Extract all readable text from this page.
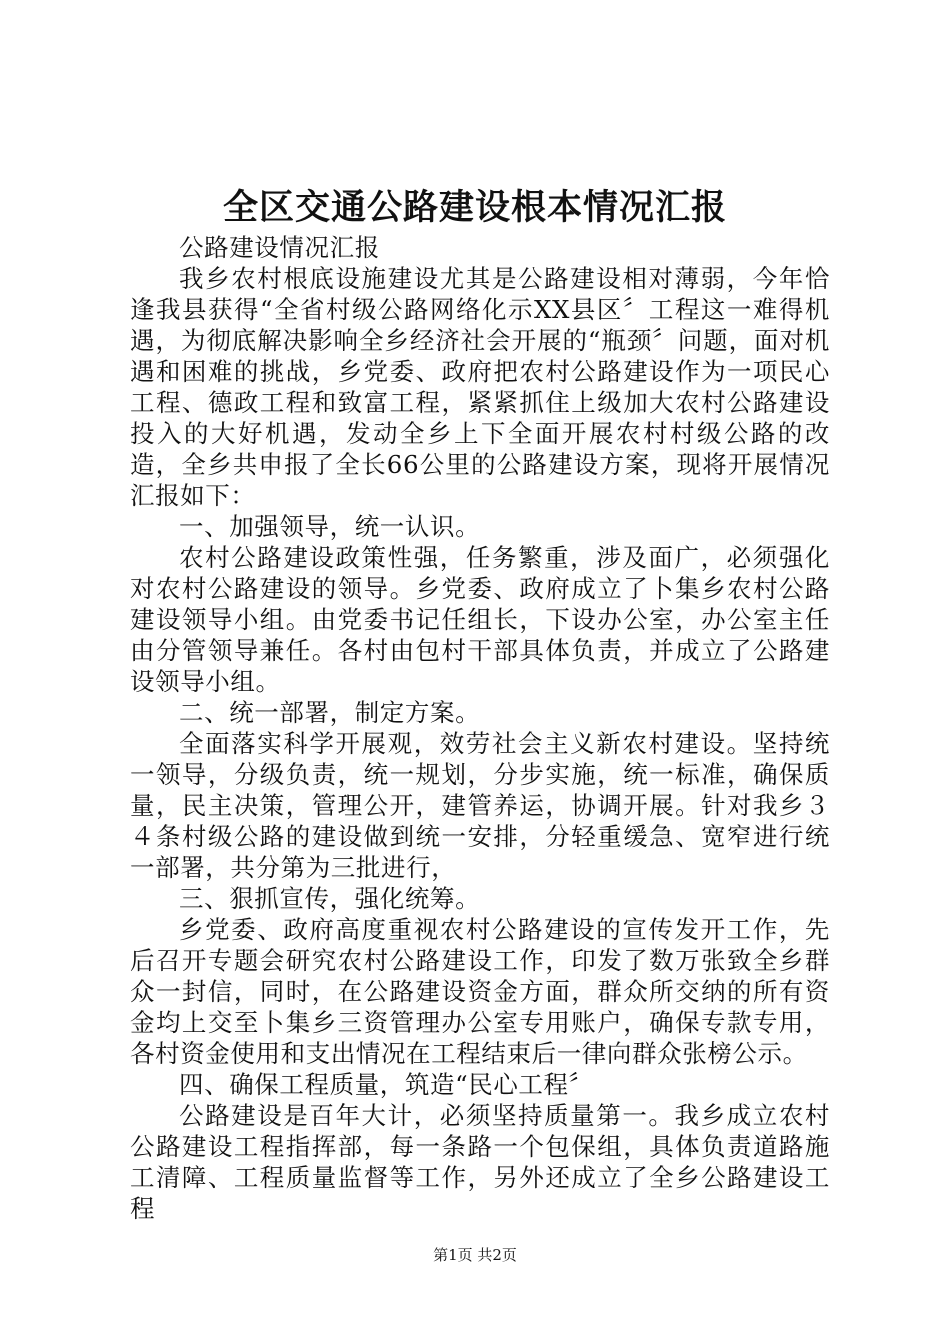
全区交通公路建设根本情况汇报

公路建设情况汇报

我乡农村根底设施建设尤其是公路建设相对薄弱，今年恰逢我县获得“全省村级公路网络化示XX县区〞工程这一难得机遇，为彻底解决影响全乡经济社会开展的“瓶颈〞问题，面对机遇和困难的挑战，乡党委、政府把农村公路建设作为一项民心工程、德政工程和致富工程，紧紧抓住上级加大农村公路建设投入的大好机遇，发动全乡上下全面开展农村村级公路的改造，全乡共申报了全长66公里的公路建设方案，现将开展情况汇报如下：

一、加强领导，统一认识。

农村公路建设政策性强，任务繁重，涉及面广，必须强化对农村公路建设的领导。乡党委、政府成立了卜集乡农村公路建设领导小组。由党委书记任组长，下设办公室，办公室主任由分管领导兼任。各村由包村干部具体负责，并成立了公路建设领导小组。

二、统一部署，制定方案。

全面落实科学开展观，效劳社会主义新农村建设。坚持统一领导，分级负责，统一规划，分步实施，统一标准，确保质量，民主决策，管理公开，建管养运，协调开展。针对我乡３４条村级公路的建设做到统一安排，分轻重缓急、宽窄进行统一部署，共分第为三批进行，

三、狠抓宣传，强化统筹。

乡党委、政府高度重视农村公路建设的宣传发开工作，先后召开专题会研究农村公路建设工作，印发了数万张致全乡群众一封信，同时，在公路建设资金方面，群众所交纳的所有资金均上交至卜集乡三资管理办公室专用账户，确保专款专用，各村资金使用和支出情况在工程结束后一律向群众张榜公示。

四、确保工程质量，筑造“民心工程〞

公路建设是百年大计，必须坚持质量第一。我乡成立农村公路建设工程指挥部，每一条路一个包保组，具体负责道路施工清障、工程质量监督等工作，另外还成立了全乡公路建设工程

第1页 共2页
